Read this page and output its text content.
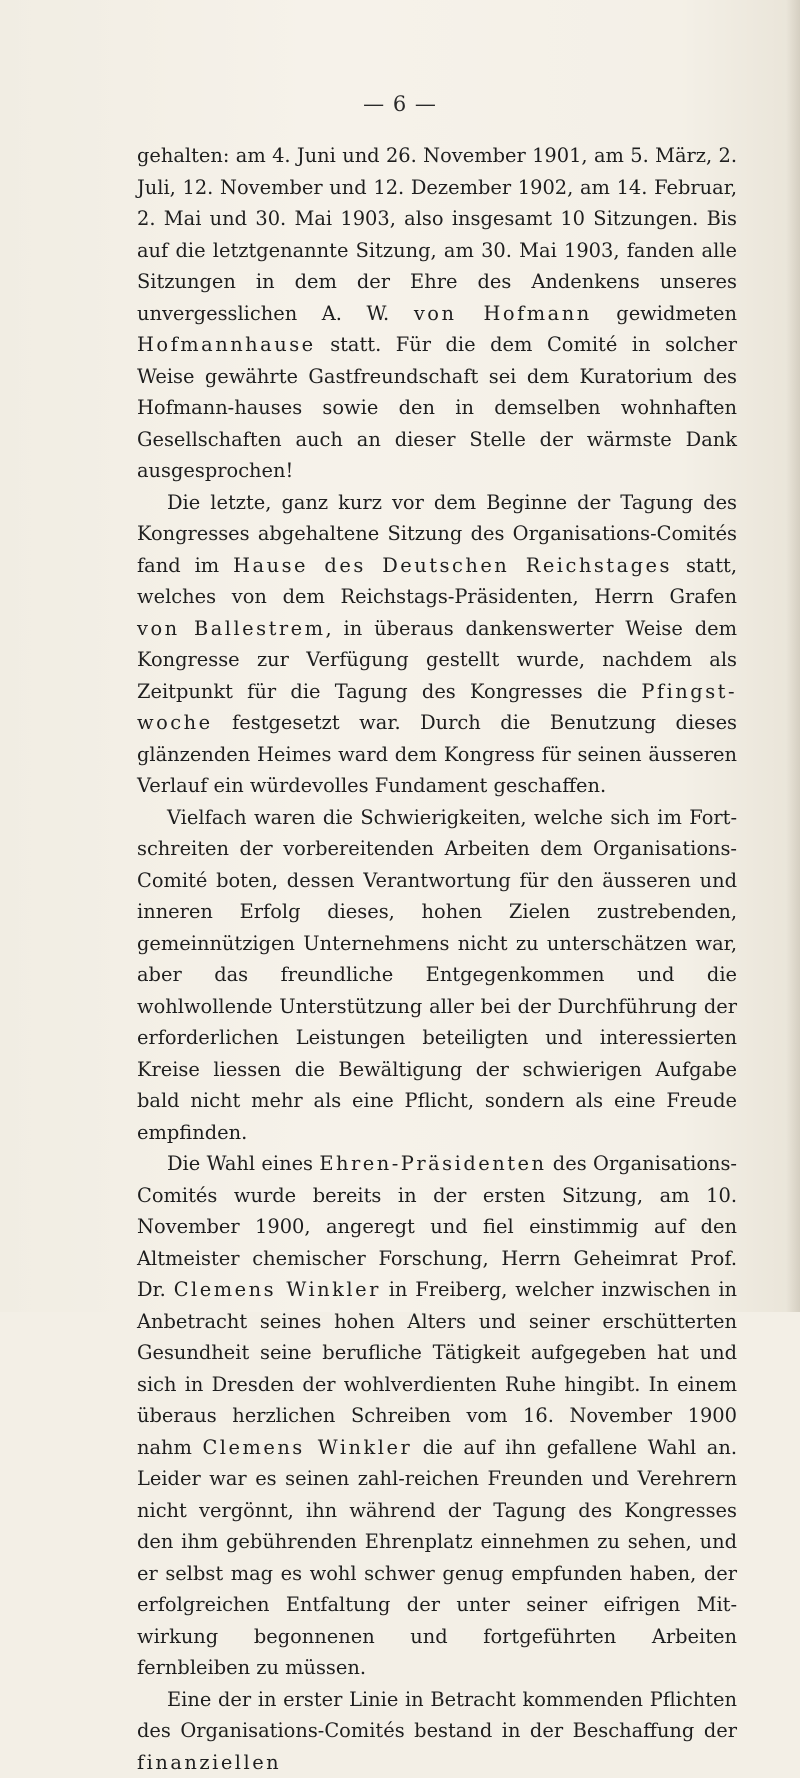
— 6 —

gehalten: am 4. Juni und 26. November 1901, am 5. März, 2. Juli, 12. November und 12. Dezember 1902, am 14. Februar, 2. Mai und 30. Mai 1903, also insgesamt 10 Sitzungen. Bis auf die letztgenannte Sitzung, am 30. Mai 1903, fanden alle Sitzungen in dem der Ehre des Andenkens unseres unvergesslichen A. W. von Hofmann gewidmeten Hofmannhause statt. Für die dem Comité in solcher Weise gewährte Gastfreundschaft sei dem Kuratorium des Hofmann-hauses sowie den in demselben wohnhaften Gesellschaften auch an dieser Stelle der wärmste Dank ausgesprochen!

Die letzte, ganz kurz vor dem Beginne der Tagung des Kongresses abgehaltene Sitzung des Organisations-Comités fand im Hause des Deutschen Reichstages statt, welches von dem Reichstags-Präsidenten, Herrn Grafen von Ballestrem, in überaus dankenswerter Weise dem Kongresse zur Verfügung gestellt wurde, nachdem als Zeitpunkt für die Tagung des Kongresses die Pfingst-woche festgesetzt war. Durch die Benutzung dieses glänzenden Heimes ward dem Kongress für seinen äusseren Verlauf ein würdevolles Fundament geschaffen.

Vielfach waren die Schwierigkeiten, welche sich im Fort-schreiten der vorbereitenden Arbeiten dem Organisations-Comité boten, dessen Verantwortung für den äusseren und inneren Erfolg dieses, hohen Zielen zustrebenden, gemeinnützigen Unternehmens nicht zu unterschätzen war, aber das freundliche Entgegenkommen und die wohlwollende Unterstützung aller bei der Durchführung der erforderlichen Leistungen beteiligten und interessierten Kreise liessen die Bewältigung der schwierigen Aufgabe bald nicht mehr als eine Pflicht, sondern als eine Freude empfinden.

Die Wahl eines Ehren-Präsidenten des Organisations-Comités wurde bereits in der ersten Sitzung, am 10. November 1900, angeregt und fiel einstimmig auf den Altmeister chemischer Forschung, Herrn Geheimrat Prof. Dr. Clemens Winkler in Freiberg, welcher inzwischen in Anbetracht seines hohen Alters und seiner erschütterten Gesundheit seine berufliche Tätigkeit aufgegeben hat und sich in Dresden der wohlverdienten Ruhe hingibt. In einem überaus herzlichen Schreiben vom 16. November 1900 nahm Clemens Winkler die auf ihn gefallene Wahl an. Leider war es seinen zahl-reichen Freunden und Verehrern nicht vergönnt, ihn während der Tagung des Kongresses den ihm gebührenden Ehrenplatz einnehmen zu sehen, und er selbst mag es wohl schwer genug empfunden haben, der erfolgreichen Entfaltung der unter seiner eifrigen Mit-wirkung begonnenen und fortgeführten Arbeiten fernbleiben zu müssen.

Eine der in erster Linie in Betracht kommenden Pflichten des Organisations-Comités bestand in der Beschaffung der finanziellen
